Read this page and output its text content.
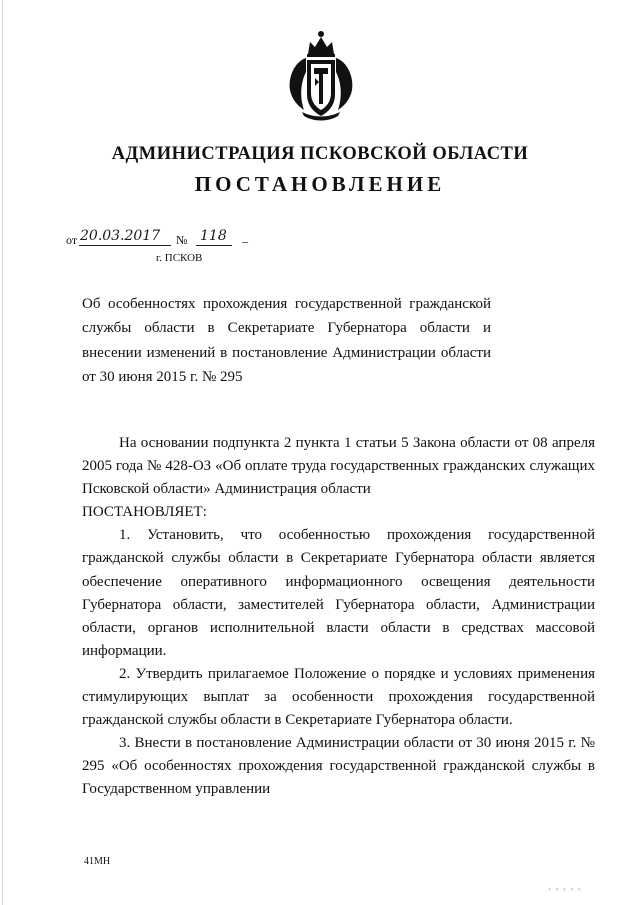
АДМИНИСТРАЦИЯ ПСКОВСКОЙ ОБЛАСТИ
ПОСТАНОВЛЕНИЕ
от 20.03.2017 № 118 –
г. ПСКОВ
Об особенностях прохождения государственной гражданской службы области в Секретариате Губернатора области и внесении изменений в постановление Администрации области от 30 июня 2015 г. № 295

На основании подпункта 2 пункта 1 статьи 5 Закона области от 08 апреля 2005 года № 428-ОЗ «Об оплате труда государственных гражданских служащих Псковской области» Администрация области

ПОСТАНОВЛЯЕТ:

1. Установить, что особенностью прохождения государственной гражданской службы области в Секретариате Губернатора области является обеспечение оперативного информационного освещения деятельности Губернатора области, заместителей Губернатора области, Администрации области, органов исполнительной власти области в средствах массовой информации.

2. Утвердить прилагаемое Положение о порядке и условиях применения стимулирующих выплат за особенности прохождения государственной гражданской службы области в Секретариате Губернатора области.

3. Внести в постановление Администрации области от 30 июня 2015 г. № 295 «Об особенностях прохождения государственной гражданской службы в Государственном управлении

41МН
▪ ▪ ▪ ▪ ▪
